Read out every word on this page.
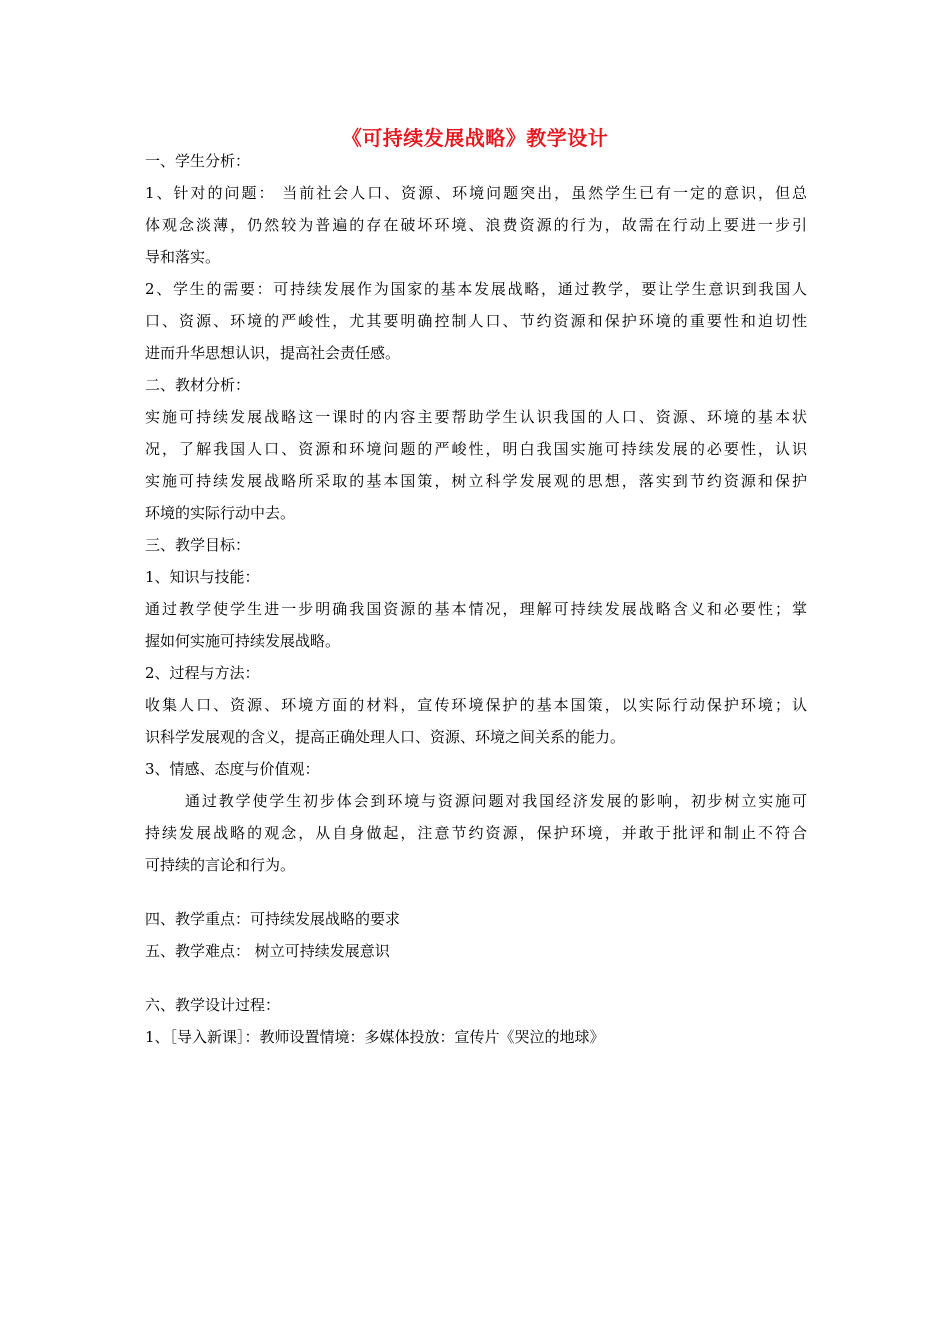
《可持续发展战略》教学设计
一、学生分析：
1、针对的问题： 当前社会人口、资源、环境问题突出，虽然学生已有一定的意识，但总
体观念淡薄，仍然较为普遍的存在破坏环境、浪费资源的行为，故需在行动上要进一步引
导和落实。
2、学生的需要：可持续发展作为国家的基本发展战略，通过教学，要让学生意识到我国人
口、资源、环境的严峻性，尤其要明确控制人口、节约资源和保护环境的重要性和迫切性
进而升华思想认识，提高社会责任感。
二、教材分析：
实施可持续发展战略这一课时的内容主要帮助学生认识我国的人口、资源、环境的基本状
况，了解我国人口、资源和环境问题的严峻性，明白我国实施可持续发展的必要性，认识
实施可持续发展战略所采取的基本国策，树立科学发展观的思想，落实到节约资源和保护
环境的实际行动中去。
三、教学目标：
1、知识与技能：
通过教学使学生进一步明确我国资源的基本情况，理解可持续发展战略含义和必要性；掌
握如何实施可持续发展战略。
2、过程与方法：
收集人口、资源、环境方面的材料，宣传环境保护的基本国策，以实际行动保护环境；认
识科学发展观的含义，提高正确处理人口、资源、环境之间关系的能力。
3、情感、态度与价值观：
通过教学使学生初步体会到环境与资源问题对我国经济发展的影响，初步树立实施可
持续发展战略的观念，从自身做起，注意节约资源，保护环境，并敢于批评和制止不符合
可持续的言论和行为。
四、教学重点：可持续发展战略的要求
五、教学难点： 树立可持续发展意识
六、教学设计过程：
1、［导入新课］：教师设置情境：多媒体投放：宣传片《哭泣的地球》
